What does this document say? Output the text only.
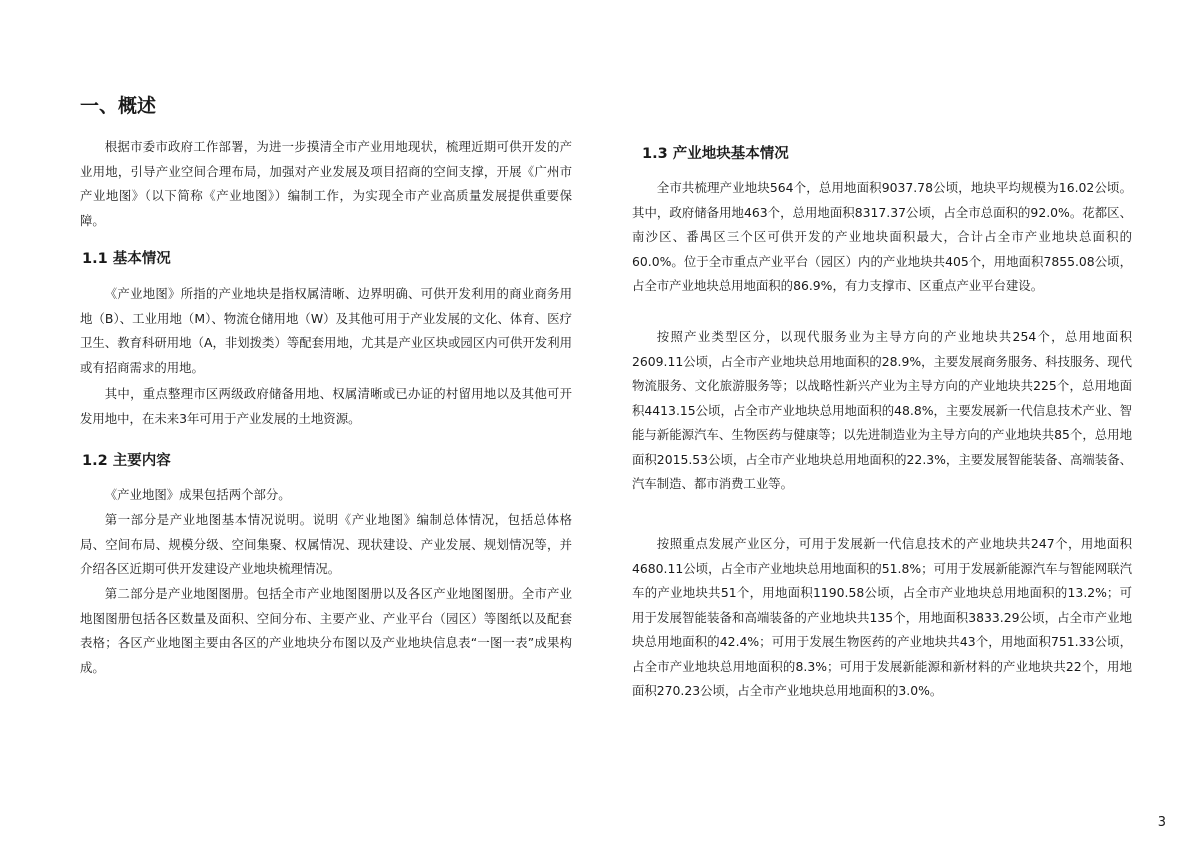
一、概述

根据市委市政府工作部署，为进一步摸清全市产业用地现状，梳理近期可供开发的产业用地，引导产业空间合理布局，加强对产业发展及项目招商的空间支撑，开展《广州市产业地图》（以下简称《产业地图》）编制工作，为实现全市产业高质量发展提供重要保障。

1.1 基本情况

《产业地图》所指的产业地块是指权属清晰、边界明确、可供开发利用的商业商务用地（B）、工业用地（M）、物流仓储用地（W）及其他可用于产业发展的文化、体育、医疗卫生、教育科研用地（A，非划拨类）等配套用地，尤其是产业区块或园区内可供开发利用或有招商需求的用地。

其中，重点整理市区两级政府储备用地、权属清晰或已办证的村留用地以及其他可开发用地中，在未来3年可用于产业发展的土地资源。

1.2 主要内容

《产业地图》成果包括两个部分。

第一部分是产业地图基本情况说明。说明《产业地图》编制总体情况，包括总体格局、空间布局、规模分级、空间集聚、权属情况、现状建设、产业发展、规划情况等，并介绍各区近期可供开发建设产业地块梳理情况。

第二部分是产业地图图册。包括全市产业地图图册以及各区产业地图图册。全市产业地图图册包括各区数量及面积、空间分布、主要产业、产业平台（园区）等图纸以及配套表格；各区产业地图主要由各区的产业地块分布图以及产业地块信息表“一图一表”成果构成。

1.3 产业地块基本情况

全市共梳理产业地块564个，总用地面积9037.78公顷，地块平均规模为16.02公顷。其中，政府储备用地463个，总用地面积8317.37公顷，占全市总面积的92.0%。花都区、南沙区、番禺区三个区可供开发的产业地块面积最大，合计占全市产业地块总面积的60.0%。位于全市重点产业平台（园区）内的产业地块共405个，用地面积7855.08公顷，占全市产业地块总用地面积的86.9%，有力支撑市、区重点产业平台建设。

按照产业类型区分，以现代服务业为主导方向的产业地块共254个，总用地面积2609.11公顷，占全市产业地块总用地面积的28.9%，主要发展商务服务、科技服务、现代物流服务、文化旅游服务等；以战略性新兴产业为主导方向的产业地块共225个，总用地面积4413.15公顷，占全市产业地块总用地面积的48.8%，主要发展新一代信息技术产业、智能与新能源汽车、生物医药与健康等；以先进制造业为主导方向的产业地块共85个，总用地面积2015.53公顷，占全市产业地块总用地面积的22.3%，主要发展智能装备、高端装备、汽车制造、都市消费工业等。

按照重点发展产业区分，可用于发展新一代信息技术的产业地块共247个，用地面积4680.11公顷，占全市产业地块总用地面积的51.8%；可用于发展新能源汽车与智能网联汽车的产业地块共51个，用地面积1190.58公顷，占全市产业地块总用地面积的13.2%；可用于发展智能装备和高端装备的产业地块共135个，用地面积3833.29公顷，占全市产业地块总用地面积的42.4%；可用于发展生物医药的产业地块共43个，用地面积751.33公顷，占全市产业地块总用地面积的8.3%；可用于发展新能源和新材料的产业地块共22个，用地面积270.23公顷，占全市产业地块总用地面积的3.0%。

3
